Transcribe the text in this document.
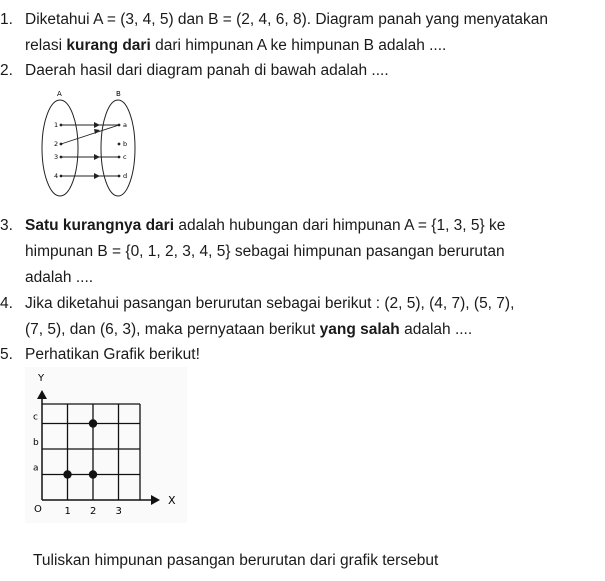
1. Diketahui A = (3, 4, 5) dan B = (2, 4, 6, 8). Diagram panah yang menyatakan
relasi kurang dari dari himpunan A ke himpunan B adalah ....
2. Daerah hasil dari diagram panah di bawah adalah ....
A	B
1
2
3
4
a
b
c
d
3. Satu kurangnya dari adalah hubungan dari himpunan A = {1, 3, 5} ke
himpunan B = {0, 1, 2, 3, 4, 5} sebagai himpunan pasangan berurutan
adalah ....
4. Jika diketahui pasangan berurutan sebagai berikut : (2, 5), (4, 7), (5, 7),
(7, 5), dan (6, 3), maka pernyataan berikut yang salah adalah ....
5. Perhatikan Grafik berikut!
Y
X
O 1 2 3
a
b
c
Tuliskan himpunan pasangan berurutan dari grafik tersebut
